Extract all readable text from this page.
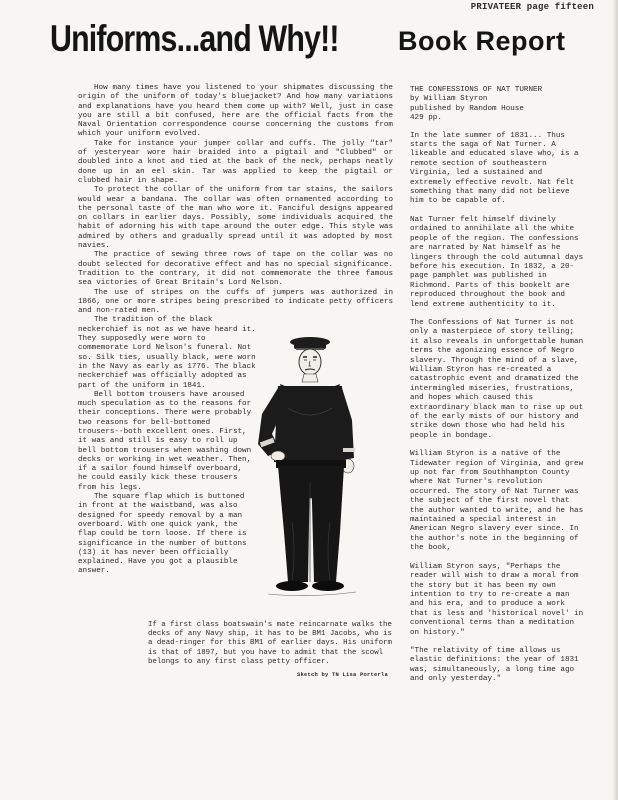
PRIVATEER page fifteen
Uniforms...and Why!! Book Report

How many times have you listened to your shipmates discussing the origin of the uniform of today's bluejacket? And how many variations and explanations have you heard them come up with? Well, just in case you are still a bit confused, here are the official facts from the Naval Orientation correspondence course concerning the customs from which your uniform evolved.

Take for instance your jumper collar and cuffs. The jolly "tar" of yesteryear wore hair braided into a pigtail and "Clubbed" or doubled into a knot and tied at the back of the neck, perhaps neatly done up in an eel skin. Tar was applied to keep the pigtail or clubbed hair in shape.

To protect the collar of the uniform from tar stains, the sailors would wear a bandana. The collar was often ornamented according to the personal taste of the man who wore it. Fanciful designs appeared on collars in earlier days. Possibly, some individuals acquired the habit of adorning his with tape around the outer edge. This style was admired by others and gradually spread until it was adopted by most navies.

The practice of sewing three rows of tape on the collar was no doubt selected for decorative effect and has no special significance. Tradition to the contrary, it did not commemorate the three famous sea victories of Great Britain's Lord Nelson.

The use of stripes on the cuffs of jumpers was authorized in 1866, one or more stripes being prescribed to indicate petty officers and non-rated men.

The tradition of the black neckerchief is not as we have heard it. They supposedly were worn to commemorate Lord Nelson's funeral. Not so. Silk ties, usually black, were worn in the Navy as early as 1776. The black neckerchief was officially adopted as part of the uniform in 1841.

Bell bottom trousers have aroused much speculation as to the reasons for their conceptions. There were probably two reasons for bell-bottomed trousers--both excellent ones. First, it was and still is easy to roll up bell bottom trousers when washing down decks or working in wet weather. Then, if a sailor found himself overboard, he could easily kick these trousers from his legs.

The square flap which is buttoned in front at the waistband, was also designed for speedy removal by a man overboard. With one quick yank, the flap could be torn loose. If there is significance in the number of buttons (13) it has never been officially explained. Have you got a plausible answer.

THE CONFESSIONS OF NAT TURNER
by William Styron
published by Random House
429 pp.

In the late summer of 1831... Thus starts the saga of Nat Turner. A likeable and educated slave who, is a remote section of southeastern Virginia, led a sustained and extremely effective revolt. Nat felt something that many did not believe him to be capable of.

Nat Turner felt himself divinely ordained to annihilate all the white people of the region. The confessions are narrated by Nat himself as he lingers through the cold autumnal days before his execution. In 1832, a 20-page pamphlet was published in Richmond. Parts of this bookelt are reproduced throughout the book and lend extreme authenticity to it.

The Confessions of Nat Turner is not only a masterpiece of story telling; it also reveals in unforgettable human terms the agonizing essence of Negro slavery. Through the mind of a slave, William Styron has re-created a catastrophic event and dramatized the intermingled miseries, frustrations, and hopes which caused this extraordinary black man to rise up out of the early mists of our history and strike down those who had held his people in bondage.

William Styron is a native of the Tidewater region of Virginia, and grew up not far from Southhampton County where Nat Turner's revolution occurred. The story of Nat Turner was the subject of the first novel that the author wanted to write, and he has maintained a special interest in American Negro slavery ever since. In the author's note in the beginning of the book,

William Styron says, "Perhaps the reader will wish to draw a moral from the story but it has been my own intention to try to re-create a man and his era, and to produce a work that is less and 'historical novel' in conventional terms than a meditation on history."

"The relativity of time allows us elastic definitions: the year of 1831 was, simultaneously, a long time ago and only yesterday."

If a first class boatswain's mate reincarnate walks the decks of any Navy ship, it has to be BM1 Jacobs, who is a dead-ringer for this BM1 of earlier days. His uniform is that of 1897, but you have to admit that the scowl belongs to any first class petty officer.
Sketch by TN Lisa Porterla
